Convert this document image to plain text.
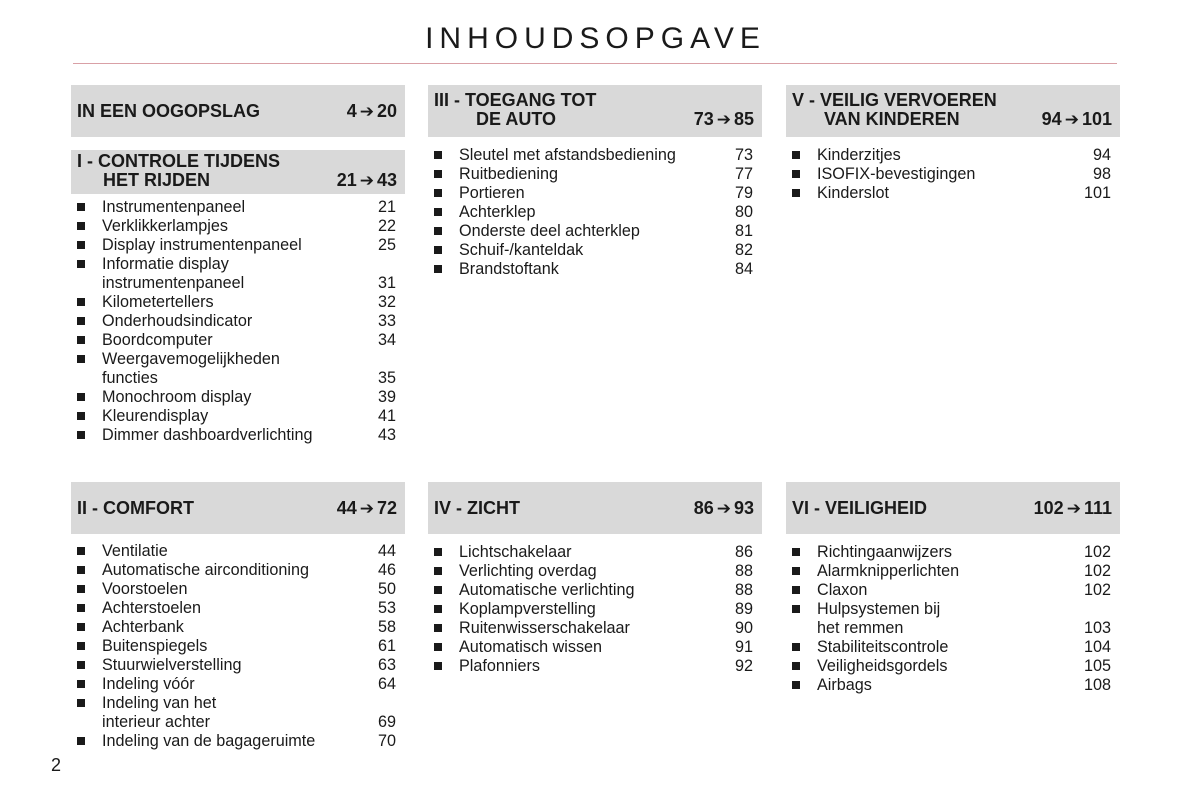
INHOUDSOPGAVE
IN EEN OOGOPSLAG	4 ➔ 20
I - CONTROLE TIJDENS
HET RIJDEN	21 ➔ 43
Instrumentenpaneel	21
Verklikkerlampjes	22
Display instrumentenpaneel	25
Informatie display
instrumentenpaneel	31
Kilometertellers	32
Onderhoudsindicator	33
Boordcomputer	34
Weergavemogelijkheden
functies	35
Monochroom display	39
Kleurendisplay	41
Dimmer dashboardverlichting	43
II - COMFORT	44 ➔ 72
Ventilatie	44
Automatische airconditioning	46
Voorstoelen	50
Achterstoelen	53
Achterbank	58
Buitenspiegels	61
Stuurwielverstelling	63
Indeling vóór	64
Indeling van het
interieur achter	69
Indeling van de bagageruimte	70
III - TOEGANG TOT
DE AUTO	73 ➔ 85
Sleutel met afstandsbediening	73
Ruitbediening	77
Portieren	79
Achterklep	80
Onderste deel achterklep	81
Schuif-/kanteldak	82
Brandstoftank	84
IV - ZICHT	86 ➔ 93
Lichtschakelaar	86
Verlichting overdag	88
Automatische verlichting	88
Koplampverstelling	89
Ruitenwisserschakelaar	90
Automatisch wissen	91
Plafonniers	92
V - VEILIG VERVOEREN
VAN KINDEREN	94 ➔ 101
Kinderzitjes	94
ISOFIX-bevestigingen	98
Kinderslot	101
VI - VEILIGHEID	102 ➔ 111
Richtingaanwijzers	102
Alarmknipperlichten	102
Claxon	102
Hulpsystemen bij
het remmen	103
Stabiliteitscontrole	104
Veiligheidsgordels	105
Airbags	108
2
